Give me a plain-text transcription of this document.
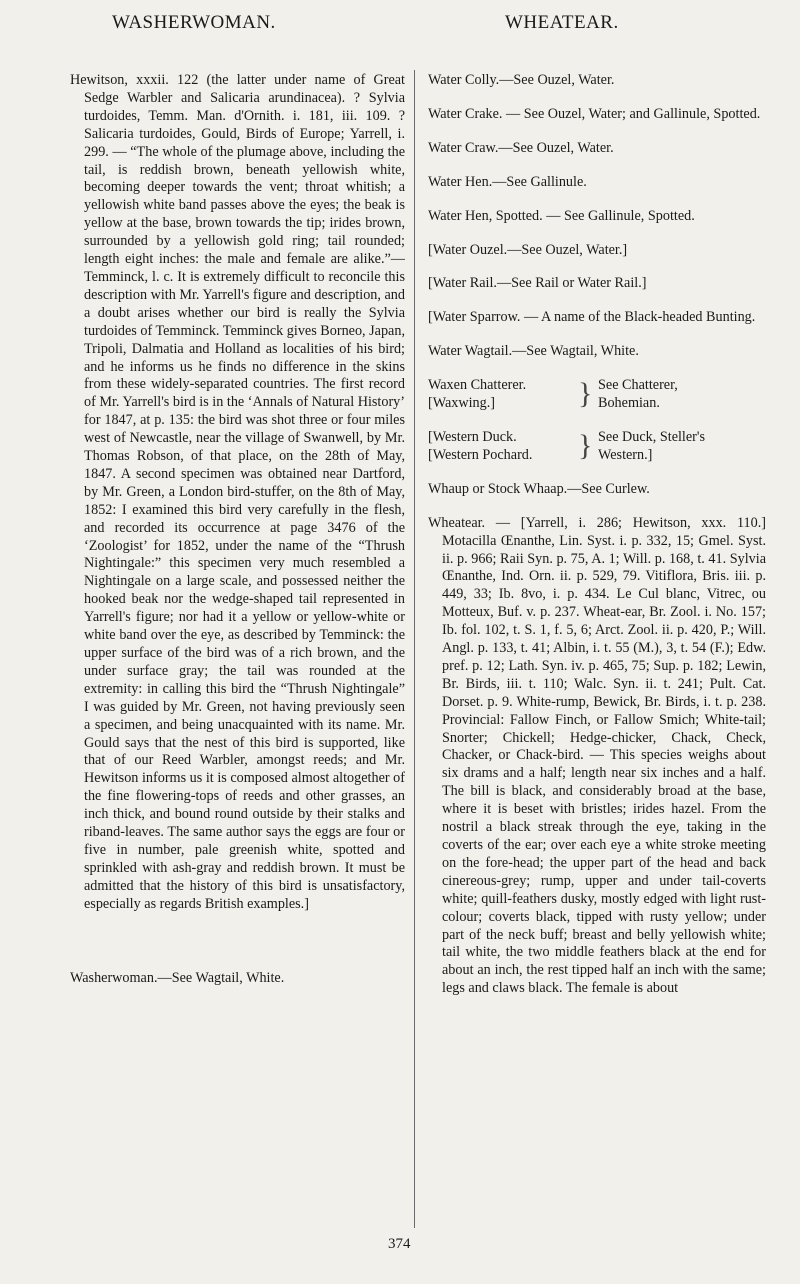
WASHERWOMAN.	WHEATEAR.

Hewitson, xxxii. 122 (the latter under name of Great Sedge Warbler and Salicaria arundinacea). ? Sylvia turdoides, Temm. Man. d'Ornith. i. 181, iii. 109. ? Salicaria turdoides, Gould, Birds of Europe; Yarrell, i. 299. — “The whole of the plumage above, including the tail, is reddish brown, beneath yellowish white, becoming deeper towards the vent; throat whitish; a yellowish white band passes above the eyes; the beak is yellow at the base, brown towards the tip; irides brown, surrounded by a yellowish gold ring; tail rounded; length eight inches: the male and female are alike.”—Temminck, l. c. It is extremely difficult to reconcile this description with Mr. Yarrell's figure and description, and a doubt arises whether our bird is really the Sylvia turdoides of Temminck. Temminck gives Borneo, Japan, Tripoli, Dalmatia and Holland as localities of his bird; and he informs us he finds no difference in the skins from these widely-separated countries. The first record of Mr. Yarrell's bird is in the ‘Annals of Natural History’ for 1847, at p. 135: the bird was shot three or four miles west of Newcastle, near the village of Swanwell, by Mr. Thomas Robson, of that place, on the 28th of May, 1847. A second specimen was obtained near Dartford, by Mr. Green, a London bird-stuffer, on the 8th of May, 1852: I examined this bird very carefully in the flesh, and recorded its occurrence at page 3476 of the ‘Zoologist’ for 1852, under the name of the “Thrush Nightingale:” this specimen very much resembled a Nightingale on a large scale, and possessed neither the hooked beak nor the wedge-shaped tail represented in Yarrell's figure; nor had it a yellow or yellow-white or white band over the eye, as described by Temminck: the upper surface of the bird was of a rich brown, and the under surface gray; the tail was rounded at the extremity: in calling this bird the “Thrush Nightingale” I was guided by Mr. Green, not having previously seen a specimen, and being unacquainted with its name. Mr. Gould says that the nest of this bird is supported, like that of our Reed Warbler, amongst reeds; and Mr. Hewitson informs us it is composed almost altogether of the fine flowering-tops of reeds and other grasses, an inch thick, and bound round outside by their stalks and riband-leaves. The same author says the eggs are four or five in number, pale greenish white, spotted and sprinkled with ash-gray and reddish brown. It must be admitted that the history of this bird is unsatisfactory, especially as regards British examples.]

Washerwoman.—See Wagtail, White.

Water Colly.—See Ouzel, Water.

Water Crake. — See Ouzel, Water; and Gallinule, Spotted.

Water Craw.—See Ouzel, Water.

Water Hen.—See Gallinule.

Water Hen, Spotted. — See Gallinule, Spotted.

[Water Ouzel.—See Ouzel, Water.]

[Water Rail.—See Rail or Water Rail.]

[Water Sparrow. — A name of the Black-headed Bunting.

Water Wagtail.—See Wagtail, White.

Waxen Chatterer.
[Waxwing.]	} See Chatterer,
Bohemian.
[Western Duck.
[Western Pochard.	} See Duck, Steller's
Western.]

Whaup or Stock Whaap.—See Curlew.

Wheatear. — [Yarrell, i. 286; Hewitson, xxx. 110.] Motacilla Œnanthe, Lin. Syst. i. p. 332, 15; Gmel. Syst. ii. p. 966; Raii Syn. p. 75, A. 1; Will. p. 168, t. 41. Sylvia Œnanthe, Ind. Orn. ii. p. 529, 79. Vitiflora, Bris. iii. p. 449, 33; Ib. 8vo, i. p. 434. Le Cul blanc, Vitrec, ou Motteux, Buf. v. p. 237. Wheat-ear, Br. Zool. i. No. 157; Ib. fol. 102, t. S. 1, f. 5, 6; Arct. Zool. ii. p. 420, P.; Will. Angl. p. 133, t. 41; Albin, i. t. 55 (M.), 3, t. 54 (F.); Edw. pref. p. 12; Lath. Syn. iv. p. 465, 75; Sup. p. 182; Lewin, Br. Birds, iii. t. 110; Walc. Syn. ii. t. 241; Pult. Cat. Dorset. p. 9. White-rump, Bewick, Br. Birds, i. t. p. 238. Provincial: Fallow Finch, or Fallow Smich; White-tail; Snorter; Chickell; Hedge-chicker, Chack, Check, Chacker, or Chack-bird. — This species weighs about six drams and a half; length near six inches and a half. The bill is black, and considerably broad at the base, where it is beset with bristles; irides hazel. From the nostril a black streak through the eye, taking in the coverts of the ear; over each eye a white stroke meeting on the fore-head; the upper part of the head and back cinereous-grey; rump, upper and under tail-coverts white; quill-feathers dusky, mostly edged with light rust-colour; coverts black, tipped with rusty yellow; under part of the neck buff; breast and belly yellowish white; tail white, the two middle feathers black at the end for about an inch, the rest tipped half an inch with the same; legs and claws black. The female is about

374
